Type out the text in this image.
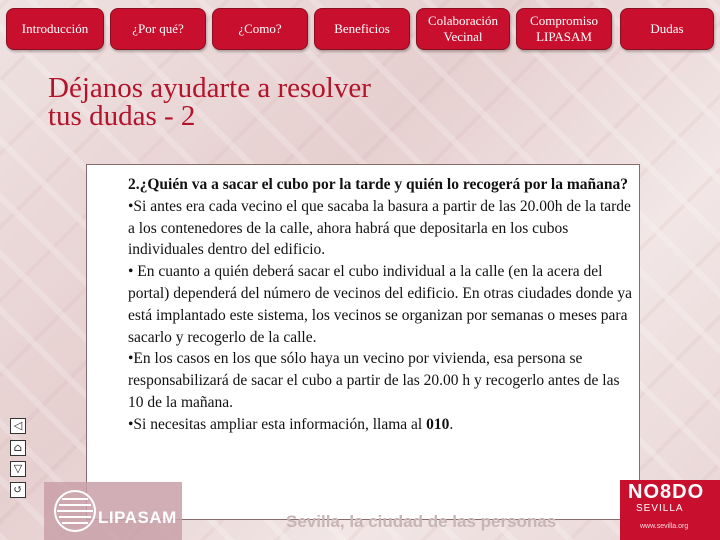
Introducción	¿Por qué?	¿Como?	Beneficios
Colaboración
Vecinal
Compromiso
LIPASAM
Dudas
Déjanos ayudarte a resolver
tus dudas - 2

2.¿Quién va a sacar el cubo por la tarde y quién lo recogerá por la mañana?

•Si antes era cada vecino el que sacaba la basura a partir de las 20.00h de la tarde a los contenedores de la calle, ahora habrá que depositarla en los cubos individuales dentro del edificio.

• En cuanto a quién deberá sacar el cubo individual a la calle (en la acera del portal) dependerá del número de vecinos del edificio. En otras ciudades donde ya está implantado este sistema, los vecinos se organizan por semanas o meses para sacarlo y recogerlo de la calle.

•En los casos en los que sólo haya un vecino por vivienda, esa persona se responsabilizará de sacar el cubo a partir de las 20.00 h y recogerlo antes de las 10 de la mañana.

•Si necesitas ampliar esta información, llama al 010.

◁
⌂
▽
↺
LIPASAM	Sevilla, la ciudad de las personas
NO8DO
SEVILLA
www.sevilla.org
